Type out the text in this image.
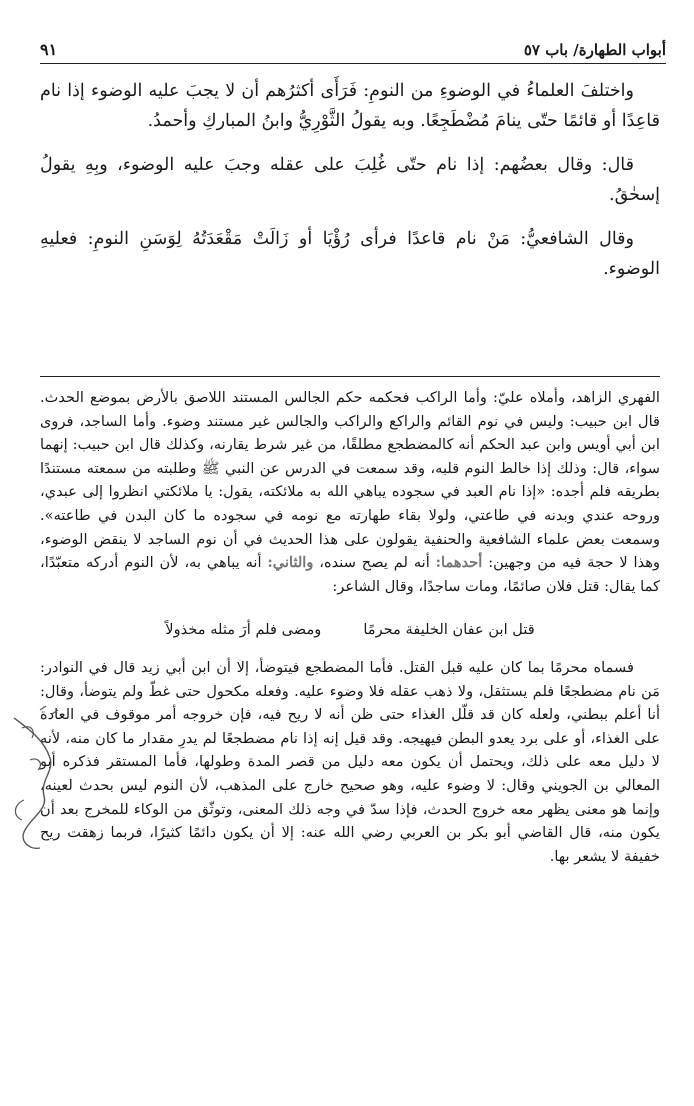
أبواب الطهارة/ باب ٥٧
٩١

واختلفَ العلماءُ في الوضوءِ من النومِ: فَرَأَى أكثرُهم أن لا يجبَ عليه الوضوء إذا نام قاعِدًا أو قائمًا حتّى ينامَ مُضْطَجِعًا. وبه يقولُ الثَّوْرِيُّ وابنُ المباركِ وأحمدُ.

قال: وقال بعضُهم: إذا نام حتّى غُلِبَ على عقله وجبَ عليه الوضوء، وبِهِ يقولُ إسحٰقُ.

وقال الشافعيُّ: مَنْ نام قاعدًا فرأى رُؤْيَا أو زَالَتْ مَقْعَدَتُهُ لِوَسَنِ النومِ: فعليهِ الوضوء.

الفهري الزاهد، وأملاه عليّ: وأما الراكب فحكمه حكم الجالس المستند اللاصق بالأرض بموضع الحدث. قال ابن حبيب: وليس في نوم القائم والراكع والراكب والجالس غير مستند وضوء. وأما الساجد، فروى ابن أبي أويس وابن عبد الحكم أنه كالمضطجع مطلقًا، من غير شرط يقارنه، وكذلك قال ابن حبيب: إنهما سواء، قال: وذلك إذا خالط النوم قلبه، وقد سمعت في الدرس عن النبي ﷺ وطلبته من سمعته مستندًا بطريقه فلم أجده: «إذا نام العبد في سجوده يباهي الله به ملائكته، يقول: يا ملائكتي انظروا إلى عبدي، وروحه عندي وبدنه في طاعتي، ولولا بقاء طهارته مع نومه في سجوده ما كان البدن في طاعته». وسمعت بعض علماء الشافعية والحنفية يقولون على هذا الحديث في أن نوم الساجد لا ينقض الوضوء، وهذا لا حجة فيه من وجهين: أحدهما: أنه لم يصح سنده، والثاني: أنه يباهي به، لأن النوم أدركه متعبّدًا، كما يقال: قتل فلان صائمًا، ومات ساجدًا، وقال الشاعر:

قتل ابن عفان الخليفة محرمًا
ومضى فلم أرَ مثله مخذولاً

فسماه محرمًا بما كان عليه قبل القتل. فأما المضطجع فيتوضأ، إلا أن ابن أبي زيد قال في النوادر: مَن نام مضطجعًا فلم يستثقل، ولا ذهب عقله فلا وضوء عليه. وفعله مكحول حتى غطّ ولم يتوضأ، وقال: أنا أعلم ببطني، ولعله كان قد قلّل الغذاء حتى ظن أنه لا ريح فيه، فإن خروجه أمر موقوف في العادة على الغذاء، أو على برد يعدو البطن فيهيجه. وقد قيل إنه إذا نام مضطجعًا لم يدرِ مقدار ما كان منه، لأنه لا دليل معه على ذلك، ويحتمل أن يكون معه دليل من قصر المدة وطولها، فأما المستقر فذكره أبو المعالي بن الجويني وقال: لا وضوء عليه، وهو صحيح خارج على المذهب، لأن النوم ليس بحدث لعينه، وإنما هو معنى يظهر معه خروج الحدث، فإذا سدّ في وجه ذلك المعنى، وتوثّق من الوكاء للمخرج بعد أن يكون منه، قال القاضي أبو بكر بن العربي رضي الله عنه: إلا أن يكون دائمًا كثيرًا، فربما زهقت ريح خفيفة لا يشعر بها.
